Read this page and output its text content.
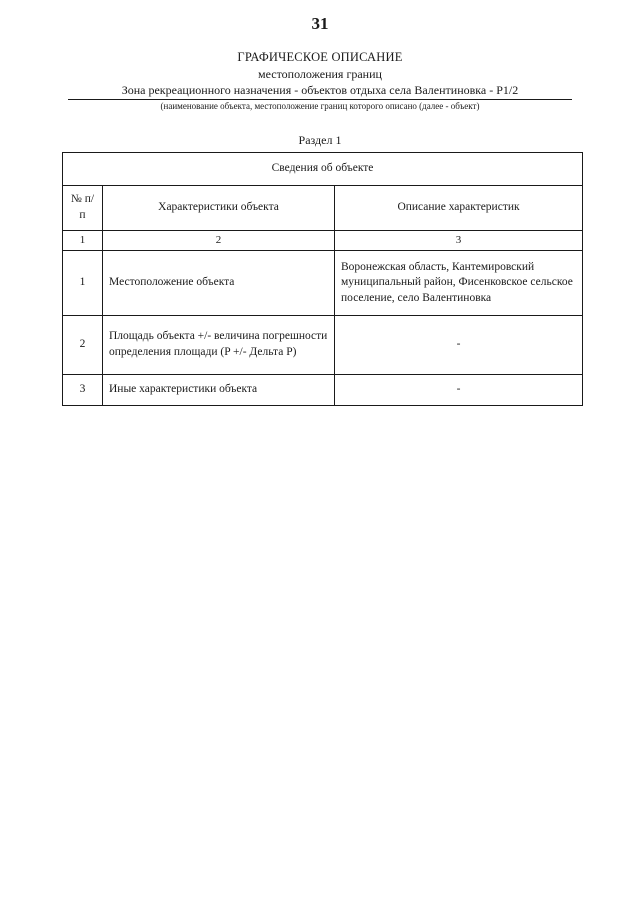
31
ГРАФИЧЕСКОЕ ОПИСАНИЕ
местоположения границ
Зона рекреационного назначения - объектов отдыха села Валентиновка - Р1/2
(наименование объекта, местоположение границ которого описано (далее - объект)
Раздел 1
Сведения об объекте		
№ п/п	Характеристики объекта	Описание характеристик
1	2	3
1	Местоположение объекта	Воронежская область, Кантемировский муниципальный район, Фисенковское сельское поселение, село Валентиновка
2	Площадь объекта +/- величина погрешности определения площади (P +/- Дельта P)	-
3	Иные характеристики объекта	-
